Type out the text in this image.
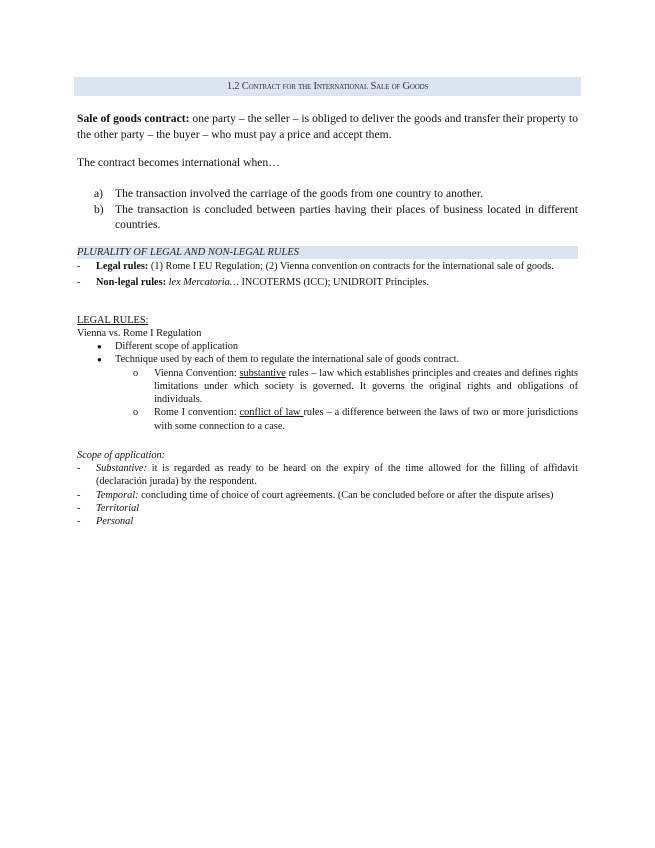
1.2 Contract for the International Sale of Goods
Sale of goods contract: one party – the seller – is obliged to deliver the goods and transfer their property to the other party – the buyer – who must pay a price and accept them.
The contract becomes international when…
a) The transaction involved the carriage of the goods from one country to another.
b) The transaction is concluded between parties having their places of business located in different countries.
PLURALITY OF LEGAL AND NON-LEGAL RULES
- Legal rules: (1) Rome I EU Regulation; (2) Vienna convention on contracts for the international sale of goods.
- Non-legal rules: lex Mercatoria… INCOTERMS (ICC); UNIDROIT Principles.
LEGAL RULES:
Vienna vs. Rome I Regulation
● Different scope of application
● Technique used by each of them to regulate the international sale of goods contract.
o Vienna Convention: substantive rules – law which establishes principles and creates and defines rights limitations under which society is governed. It governs the original rights and obligations of individuals.
o Rome I convention: conflict of law rules – a difference between the laws of two or more jurisdictions with some connection to a case.
Scope of application:
- Substantive: it is regarded as ready to be heard on the expiry of the time allowed for the filling of affidavit (declaración jurada) by the respondent.
- Temporal: concluding time of choice of court agreements. (Can be concluded before or after the dispute arises)
- Territorial
- Personal
